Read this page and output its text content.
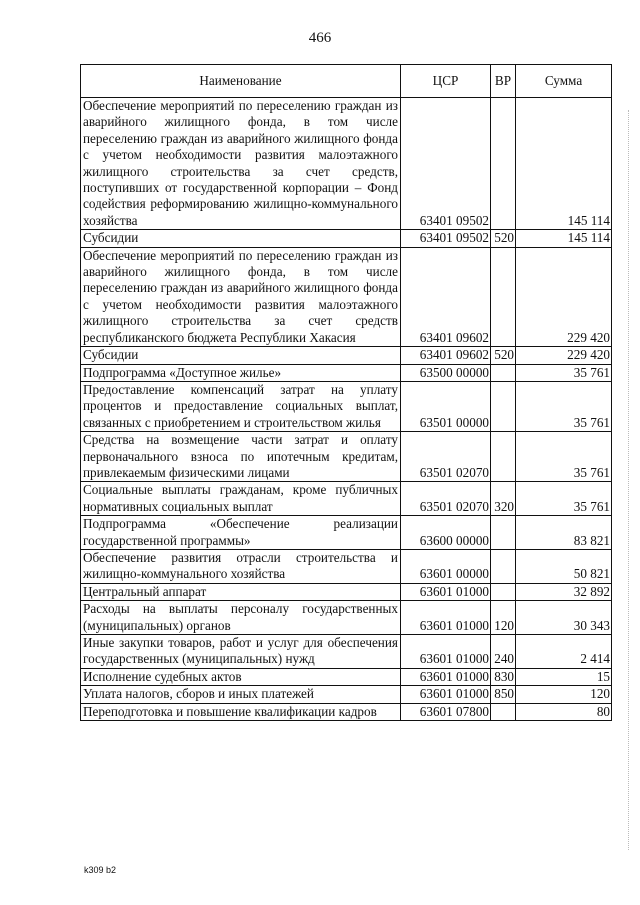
466
Наименование	ЦСР	ВР	Сумма
Обеспечение мероприятий по переселению граждан из аварийного жилищного фонда, в том числе переселению граждан из аварийного жилищного фонда с учетом необходимости развития малоэтажного жилищного строительства за счет средств, поступивших от государственной корпорации – Фонд содействия реформированию жилищно-коммунального хозяйства	63401 09502		145 114
Субсидии	63401 09502	520	145 114
Обеспечение мероприятий по переселению граждан из аварийного жилищного фонда, в том числе переселению граждан из аварийного жилищного фонда с учетом необходимости развития малоэтажного жилищного строительства за счет средств республиканского бюджета Республики Хакасия	63401 09602		229 420
Субсидии	63401 09602	520	229 420
Подпрограмма «Доступное жилье»	63500 00000		35 761
Предоставление компенсаций затрат на уплату процентов и предоставление социальных выплат, связанных с приобретением и строительством жилья	63501 00000		35 761
Средства на возмещение части затрат и оплату первоначального взноса по ипотечным кредитам, привлекаемым физическими лицами	63501 02070		35 761
Социальные выплаты гражданам, кроме публичных нормативных социальных выплат	63501 02070	320	35 761
Подпрограмма «Обеспечение реализации государственной программы»	63600 00000		83 821
Обеспечение развития отрасли строительства и жилищно-коммунального хозяйства	63601 00000		50 821
Центральный аппарат	63601 01000		32 892
Расходы на выплаты персоналу государственных (муниципальных) органов	63601 01000	120	30 343
Иные закупки товаров, работ и услуг для обеспечения государственных (муниципальных) нужд	63601 01000	240	2 414
Исполнение судебных актов	63601 01000	830	15
Уплата налогов, сборов и иных платежей	63601 01000	850	120
Переподготовка и повышение квалификации кадров	63601 07800		80
k309 b2
